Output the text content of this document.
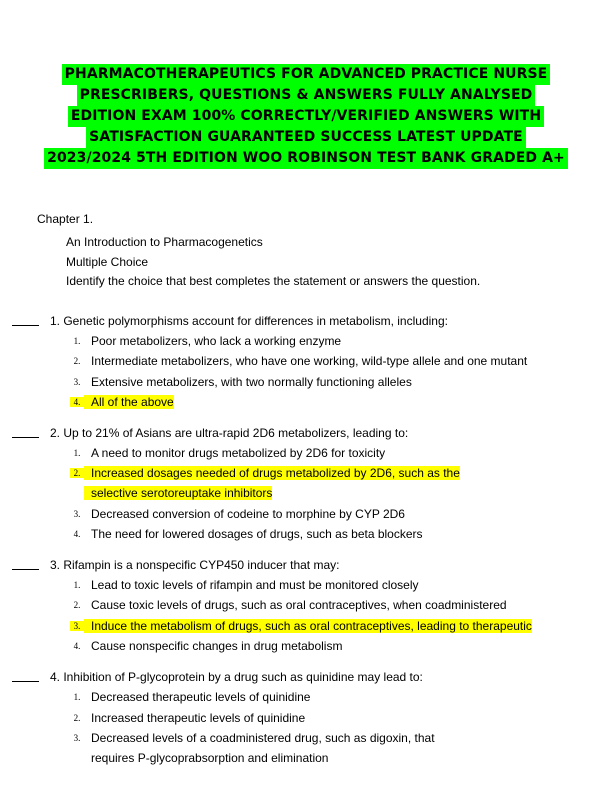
PHARMACOTHERAPEUTICS FOR ADVANCED PRACTICE NURSE
PRESCRIBERS, QUESTIONS & ANSWERS FULLY ANALYSED
EDITION EXAM 100% CORRECTLY/VERIFIED ANSWERS WITH
SATISFACTION GUARANTEED SUCCESS LATEST UPDATE
2023/2024 5TH EDITION WOO ROBINSON TEST BANK GRADED A+
Chapter 1.
An Introduction to Pharmacogenetics
Multiple Choice
Identify the choice that best completes the statement or answers the question.
1. Genetic polymorphisms account for differences in metabolism, including:
1. Poor metabolizers, who lack a working enzyme
2. Intermediate metabolizers, who have one working, wild-type allele and one mutant
3. Extensive metabolizers, with two normally functioning alleles
4. All of the above
2. Up to 21% of Asians are ultra-rapid 2D6 metabolizers, leading to:
1. A need to monitor drugs metabolized by 2D6 for toxicity
2. Increased dosages needed of drugs metabolized by 2D6, such as the
selective serotoreuptake inhibitors
3. Decreased conversion of codeine to morphine by CYP 2D6
4. The need for lowered dosages of drugs, such as beta blockers
3. Rifampin is a nonspecific CYP450 inducer that may:
1. Lead to toxic levels of rifampin and must be monitored closely
2. Cause toxic levels of drugs, such as oral contraceptives, when coadministered
3. Induce the metabolism of drugs, such as oral contraceptives, leading to therapeutic
4. Cause nonspecific changes in drug metabolism
4. Inhibition of P-glycoprotein by a drug such as quinidine may lead to:
1. Decreased therapeutic levels of quinidine
2. Increased therapeutic levels of quinidine
3. Decreased levels of a coadministered drug, such as digoxin, that
requires P-glycoprabsorption and elimination
